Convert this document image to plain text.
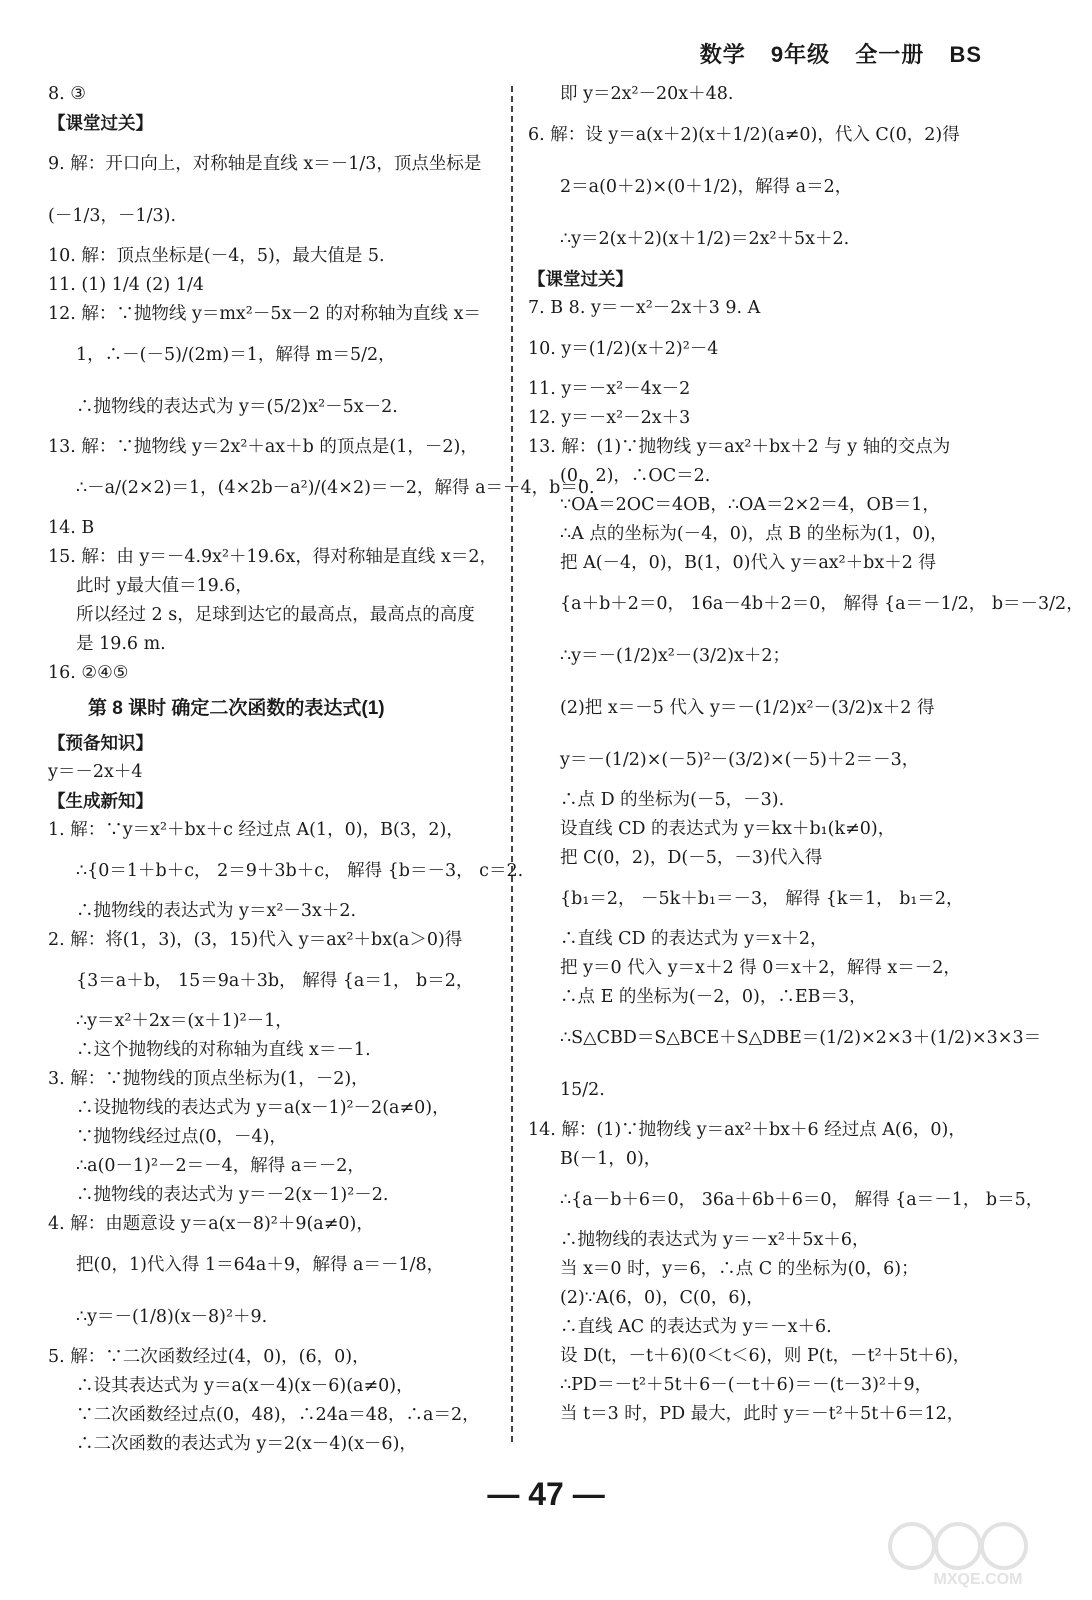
数学 9年级 全一册 BS
8. ③
【课堂过关】
9. 解：开口向上，对称轴是直线 x＝－1/3，顶点坐标是
(－1/3，－1/3).
10. 解：顶点坐标是(－4，5)，最大值是 5.
11. (1) 1/4 (2) 1/4
12. 解：∵抛物线 y＝mx²－5x－2 的对称轴为直线 x＝
1，∴－(－5)/(2m)＝1，解得 m＝5/2，
∴抛物线的表达式为 y＝(5/2)x²－5x－2.
13. 解：∵抛物线 y＝2x²＋ax＋b 的顶点是(1，－2)，
∴－a/(2×2)＝1，(4×2b－a²)/(4×2)＝－2，解得 a＝－4，b＝0.
14. B
15. 解：由 y＝－4.9x²＋19.6x，得对称轴是直线 x＝2，
此时 y最大值＝19.6，
所以经过 2 s，足球到达它的最高点，最高点的高度
是 19.6 m.
16. ②④⑤
第 8 课时 确定二次函数的表达式(1)
【预备知识】
y＝－2x＋4
【生成新知】
1. 解：∵y＝x²＋bx＋c 经过点 A(1，0)，B(3，2)，
∴{0＝1＋b＋c， 2＝9＋3b＋c， 解得 {b＝－3， c＝2.
∴抛物线的表达式为 y＝x²－3x＋2.
2. 解：将(1，3)，(3，15)代入 y＝ax²＋bx(a＞0)得
{3＝a＋b， 15＝9a＋3b， 解得 {a＝1， b＝2，
∴y＝x²＋2x＝(x＋1)²－1，
∴这个抛物线的对称轴为直线 x＝－1.
3. 解：∵抛物线的顶点坐标为(1，－2)，
∴设抛物线的表达式为 y＝a(x－1)²－2(a≠0)，
∵抛物线经过点(0，－4)，
∴a(0－1)²－2＝－4，解得 a＝－2，
∴抛物线的表达式为 y＝－2(x－1)²－2.
4. 解：由题意设 y＝a(x－8)²＋9(a≠0)，
把(0，1)代入得 1＝64a＋9，解得 a＝－1/8，
∴y＝－(1/8)(x－8)²＋9.
5. 解：∵二次函数经过(4，0)，(6，0)，
∴设其表达式为 y＝a(x－4)(x－6)(a≠0)，
∵二次函数经过点(0，48)，∴24a＝48，∴a＝2，
∴二次函数的表达式为 y＝2(x－4)(x－6)，
即 y＝2x²－20x＋48.
6. 解：设 y＝a(x＋2)(x＋1/2)(a≠0)，代入 C(0，2)得
2＝a(0＋2)×(0＋1/2)，解得 a＝2，
∴y＝2(x＋2)(x＋1/2)＝2x²＋5x＋2.
【课堂过关】
7. B 8. y＝－x²－2x＋3 9. A
10. y＝(1/2)(x＋2)²－4
11. y＝－x²－4x－2
12. y＝－x²－2x＋3
13. 解：(1)∵抛物线 y＝ax²＋bx＋2 与 y 轴的交点为
(0，2)，∴OC＝2.
∵OA＝2OC＝4OB，∴OA＝2×2＝4，OB＝1，
∴A 点的坐标为(－4，0)，点 B 的坐标为(1，0)，
把 A(－4，0)，B(1，0)代入 y＝ax²＋bx＋2 得
{a＋b＋2＝0， 16a－4b＋2＝0， 解得 {a＝－1/2， b＝－3/2，
∴y＝－(1/2)x²－(3/2)x＋2；
(2)把 x＝－5 代入 y＝－(1/2)x²－(3/2)x＋2 得
y＝－(1/2)×(－5)²－(3/2)×(－5)＋2＝－3，
∴点 D 的坐标为(－5，－3).
设直线 CD 的表达式为 y＝kx＋b₁(k≠0)，
把 C(0，2)，D(－5，－3)代入得
{b₁＝2， －5k＋b₁＝－3， 解得 {k＝1， b₁＝2，
∴直线 CD 的表达式为 y＝x＋2，
把 y＝0 代入 y＝x＋2 得 0＝x＋2，解得 x＝－2，
∴点 E 的坐标为(－2，0)，∴EB＝3，
∴S△CBD＝S△BCE＋S△DBE＝(1/2)×2×3＋(1/2)×3×3＝
15/2.
14. 解：(1)∵抛物线 y＝ax²＋bx＋6 经过点 A(6，0)，
B(－1，0)，
∴{a－b＋6＝0， 36a＋6b＋6＝0， 解得 {a＝－1， b＝5，
∴抛物线的表达式为 y＝－x²＋5x＋6，
当 x＝0 时，y＝6，∴点 C 的坐标为(0，6)；
(2)∵A(6，0)，C(0，6)，
∴直线 AC 的表达式为 y＝－x＋6.
设 D(t，－t＋6)(0＜t＜6)，则 P(t，－t²＋5t＋6)，
∴PD＝－t²＋5t＋6－(－t＋6)＝－(t－3)²＋9，
当 t＝3 时，PD 最大，此时 y＝－t²＋5t＋6＝12，
— 47 —
MXQE.COM
